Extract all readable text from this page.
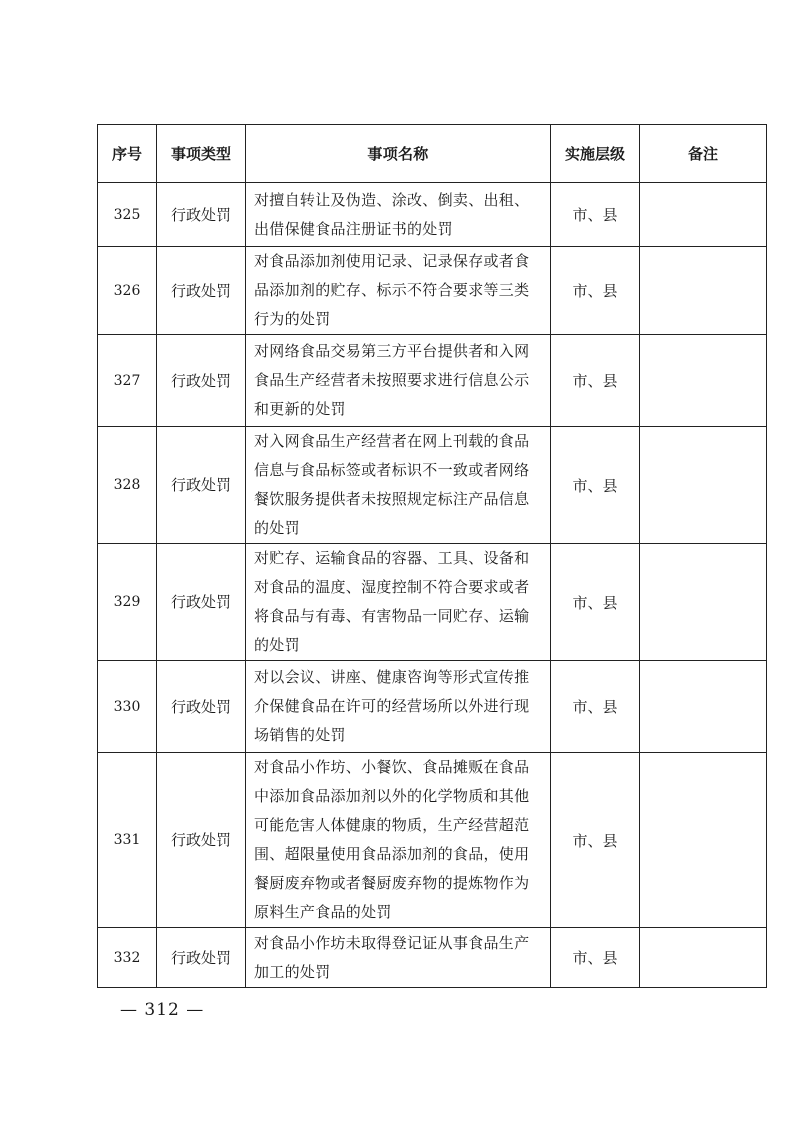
序号	事项类型	事项名称	实施层级	备注
325	行政处罚	对擅自转让及伪造、涂改、倒卖、出租、出借保健食品注册证书的处罚	市、县	
326	行政处罚	对食品添加剂使用记录、记录保存或者食品添加剂的贮存、标示不符合要求等三类行为的处罚	市、县	
327	行政处罚	对网络食品交易第三方平台提供者和入网食品生产经营者未按照要求进行信息公示和更新的处罚	市、县	
328	行政处罚	对入网食品生产经营者在网上刊载的食品信息与食品标签或者标识不一致或者网络餐饮服务提供者未按照规定标注产品信息的处罚	市、县	
329	行政处罚	对贮存、运输食品的容器、工具、设备和对食品的温度、湿度控制不符合要求或者将食品与有毒、有害物品一同贮存、运输的处罚	市、县	
330	行政处罚	对以会议、讲座、健康咨询等形式宣传推介保健食品在许可的经营场所以外进行现场销售的处罚	市、县	
331	行政处罚	对食品小作坊、小餐饮、食品摊贩在食品中添加食品添加剂以外的化学物质和其他可能危害人体健康的物质，生产经营超范围、超限量使用食品添加剂的食品，使用餐厨废弃物或者餐厨废弃物的提炼物作为原料生产食品的处罚	市、县	
332	行政处罚	对食品小作坊未取得登记证从事食品生产加工的处罚	市、县	
— 312 —
